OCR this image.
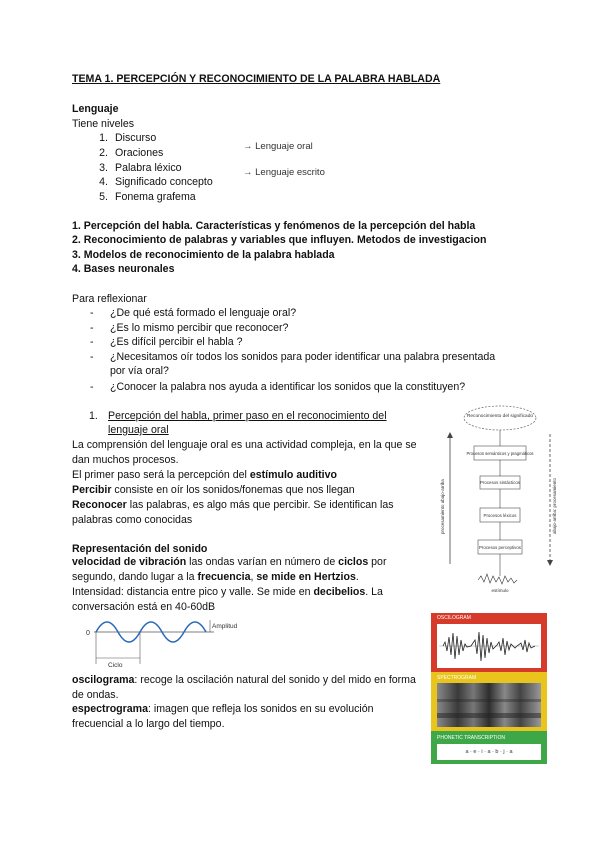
TEMA 1. PERCEPCIÓN Y RECONOCIMIENTO DE LA PALABRA HABLADA
Lenguaje
Tiene niveles
1. Discurso
2. Oraciones
3. Palabra léxico
4. Significado concepto
5. Fonema grafema
→ Lenguaje oral
→ Lenguaje escrito
1. Percepción del habla. Características y fenómenos de la percepción del habla
2. Reconocimiento de palabras y variables que influyen. Metodos de investigacion
3. Modelos de reconocimiento de la palabra hablada
4. Bases neuronales
Para reflexionar
- ¿De qué está formado el lenguaje oral?
- ¿Es lo mismo percibir que reconocer?
- ¿Es difícil percibir el habla ?
- ¿Necesitamos oír todos los sonidos para poder identificar una palabra presentada
por vía oral?
- ¿Conocer la palabra nos ayuda a identificar los sonidos que la constituyen?
1. Percepción del habla, primer paso en el reconocimiento del
lenguaje oral
La comprensión del lenguaje oral es una actividad compleja, en la que se dan muchos procesos.
El primer paso será la percepción del estímulo auditivo
Percibir consiste en oír los sonidos/fonemas que nos llegan
Reconocer las palabras, es algo más que percibir. Se identifican las palabras como conocidas
Representación del sonido
velocidad de vibración las ondas varían en número de ciclos por segundo, dando lugar a la frecuencia, se mide en Hertzios.
Intensidad: distancia entre pico y valle. Se mide en decibelios. La conversación está en 40-60dB
0
Amplitud
Ciclo
oscilograma: recoge la oscilación natural del sonido y del mido en forma de ondas.
espectrograma: imagen que refleja los sonidos en su evolución frecuencial a lo largo del tiempo.
Reconocimiento del significado
Procesos semánticos y pragmáticos
Procesos sintácticos
Procesos léxicos
Procesos perceptivos
procesamiento abajo-arriba	abajo-arriba: procesamiento
estímulo
OSCILOGRAM
SPECTROGRAM
PHONETIC TRANSCRIPTION
a · e · i · a · b · j · a
